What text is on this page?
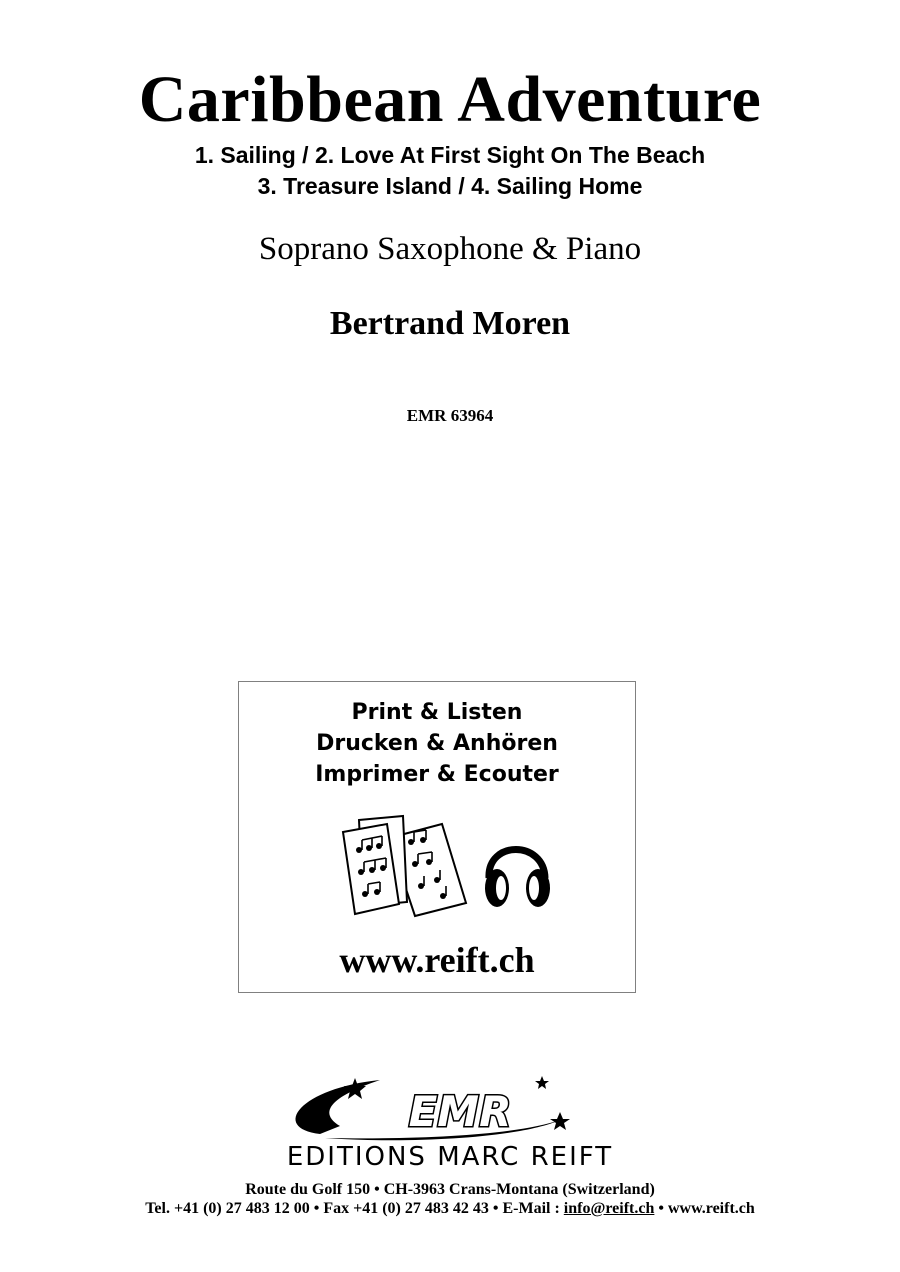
Caribbean Adventure
1. Sailing / 2. Love At First Sight On The Beach
3. Treasure Island / 4. Sailing Home
Soprano Saxophone & Piano
Bertrand Moren
EMR 63964
Print & Listen
Drucken & Anhören
Imprimer & Ecouter
www.reift.ch
EMR
EDITIONS MARC REIFT
Route du Golf 150 • CH-3963 Crans-Montana (Switzerland)
Tel. +41 (0) 27 483 12 00 • Fax +41 (0) 27 483 42 43 • E-Mail : info@reift.ch • www.reift.ch
